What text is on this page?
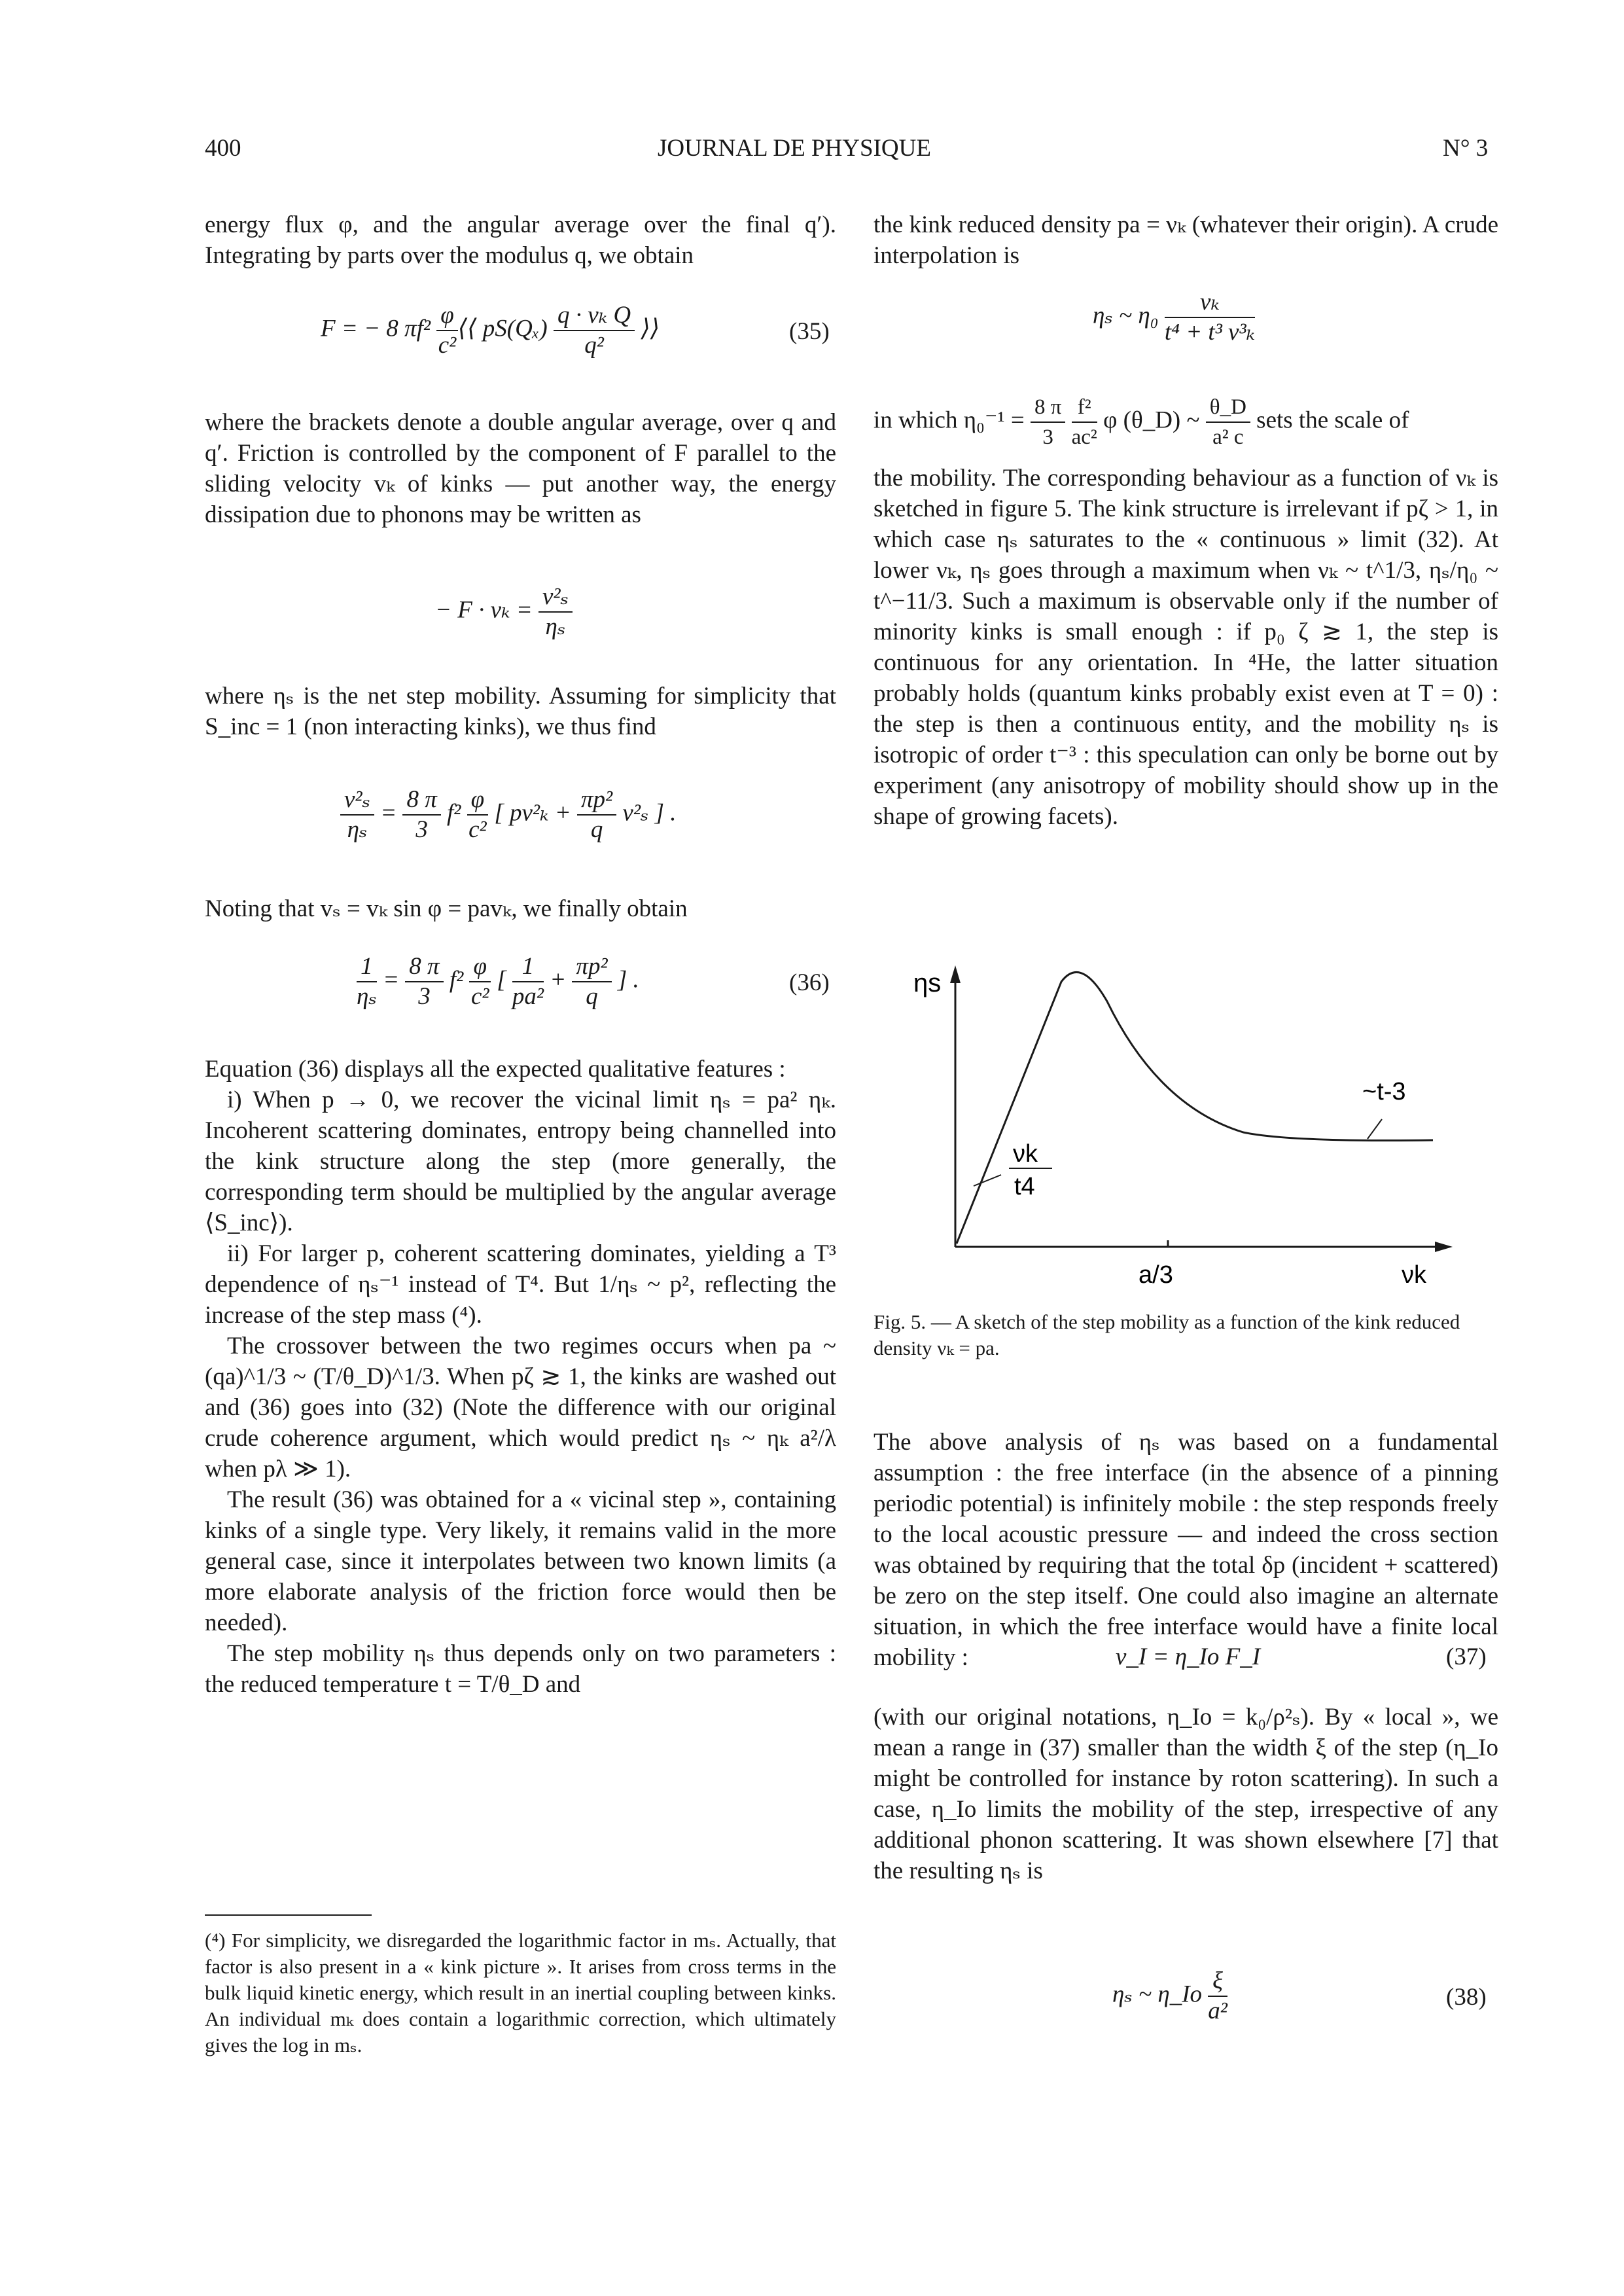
400	JOURNAL DE PHYSIQUE	N° 3
energy flux φ, and the angular average over the final q′). Integrating by parts over the modulus q, we obtain
F = − 8 $\pi f^2 \frac{\varphi}{\text{c²}}$ ⟨⟨ $pS(Q_x) \frac{\text{q · vₖ Q}}{\text{q²}}$ ⟩⟩	(35)
where the brackets denote a double angular average, over q and q′. Friction is controlled by the component of F parallel to the sliding velocity vₖ of kinks — put another way, the energy dissipation due to phonons may be written as
− $F \cdot v_k = \frac{\text{v²ₛ}}{\text{ηₛ}}$
where ηₛ is the net step mobility. Assuming for simplicity that S_inc = 1 (non interacting kinks), we thus find
$\frac{\text{v²ₛ}}{\text{ηₛ}} = \frac{8 \pi}{3} f^2 \frac{\varphi}{\text{c²}}$ [ $pv^2_k + \frac{\text{πp²}}{q} v^2_s$ ] .
Noting that vₛ = vₖ sin φ = pavₖ, we finally obtain
$\frac{1}{\text{ηₛ}} = \frac{8 \pi}{3} f^2 \frac{\varphi}{\text{c²}}$ [ $\frac{1}{\text{pa²}} + \frac{\text{πp²}}{q}$ ] .	(36)

Equation (36) displays all the expected qualitative features :

i) When p → 0, we recover the vicinal limit ηₛ = pa² ηₖ. Incoherent scattering dominates, entropy being channelled into the kink structure along the step (more generally, the corresponding term should be multiplied by the angular average ⟨S_inc⟩).

ii) For larger p, coherent scattering dominates, yielding a T³ dependence of ηₛ⁻¹ instead of T⁴. But 1/ηₛ ~ p², reflecting the increase of the step mass (⁴).

The crossover between the two regimes occurs when pa ~ (qa)^1/3 ~ (T/θ_D)^1/3. When pζ ≳ 1, the kinks are washed out and (36) goes into (32) (Note the difference with our original crude coherence argument, which would predict ηₛ ~ ηₖ a²/λ when pλ ≫ 1).

The result (36) was obtained for a « vicinal step », containing kinks of a single type. Very likely, it remains valid in the more general case, since it interpolates between two known limits (a more elaborate analysis of the friction force would then be needed).

The step mobility ηₛ thus depends only on two parameters : the reduced temperature t = T/θ_D and

(⁴) For simplicity, we disregarded the logarithmic factor in mₛ. Actually, that factor is also present in a « kink picture ». It arises from cross terms in the bulk liquid kinetic energy, which result in an inertial coupling between kinks. An individual mₖ does contain a logarithmic correction, which ultimately gives the log in mₛ.
the kink reduced density pa = νₖ (whatever their origin). A crude interpolation is
ηₛ ~ $\eta_0 \frac{\text{νₖ}}{\text{t⁴ + t³ ν³ₖ}}$
in which $\eta_0^{-1} = \frac{8 \pi}{3}$
$\frac{\text{f²}}{\text{ac²}}$ φ (θ_D) ~ $\frac{\theta\_D}{\text{a² c}}$ sets the scale of
the mobility. The corresponding behaviour as a function of νₖ is sketched in figure 5. The kink structure is irrelevant if pζ > 1, in which case ηₛ saturates to the « continuous » limit (32). At lower νₖ, ηₛ goes through a maximum when νₖ ~ t^1/3, ηₛ/η₀ ~ t^−11/3. Such a maximum is observable only if the number of minority kinks is small enough : if p₀ ζ ≳ 1, the step is continuous for any orientation. In ⁴He, the latter situation probably holds (quantum kinks probably exist even at T = 0) : the step is then a continuous entity, and the mobility ηₛ is isotropic of order t⁻³ : this speculation can only be borne out by experiment (any anisotropy of mobility should show up in the shape of growing facets).
ηs
νk
a/3
νk
t4
~t-3
Fig. 5. — A sketch of the step mobility as a function of the kink reduced density νₖ = pa.
The above analysis of ηₛ was based on a fundamental assumption : the free interface (in the absence of a pinning periodic potential) is infinitely mobile : the step responds freely to the local acoustic pressure — and indeed the cross section was obtained by requiring that the total δp (incident + scattered) be zero on the step itself. One could also imagine an alternate situation, in which the free interface would have a finite local mobility :	v_I = η_Io F_I	(37)
(with our original notations, η_Io = k₀/ρ²ₛ). By « local », we mean a range in (37) smaller than the width ξ of the step (η_Io might be controlled for instance by roton scattering). In such a case, η_Io limits the mobility of the step, irrespective of any additional phonon scattering. It was shown elsewhere [7] that the resulting ηₛ is
ηₛ ~ η_Io $\frac{\xi}{\text{a²}}$	(38)
